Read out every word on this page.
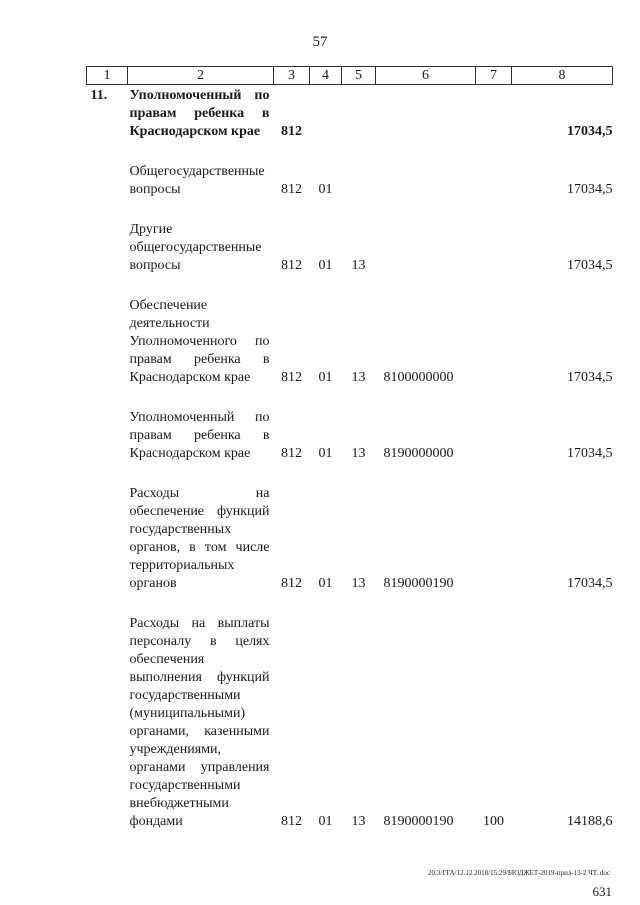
57
1	2	3	4	5	6	7	8
11.	Уполномоченный по правам ребенка в Краснодарском крае	812					17034,5
	Общегосударственные вопросы	812	01				17034,5
	Другие общегосударственные вопросы	812	01	13			17034,5
	Обеспечение деятельности Уполномоченного по правам ребенка в Краснодарском крае	812	01	13	8100000000		17034,5
	Уполномоченный по правам ребенка в Краснодарском крае	812	01	13	8190000000		17034,5
	Расходы на обеспечение функций государственных органов, в том числе территориальных органов	812	01	13	8190000190		17034,5
	Расходы на выплаты персоналу в целях обеспечения выполнения функций государственными (муниципальными) органами, казенными учреждениями, органами управления государственными внебюджетными фондами	812	01	13	8190000190	100	14188,6
20.3/ГГА/12.12.2018/15:29/БЮДЖЕТ-2019-прил-13-2 ЧТ..doc
631
